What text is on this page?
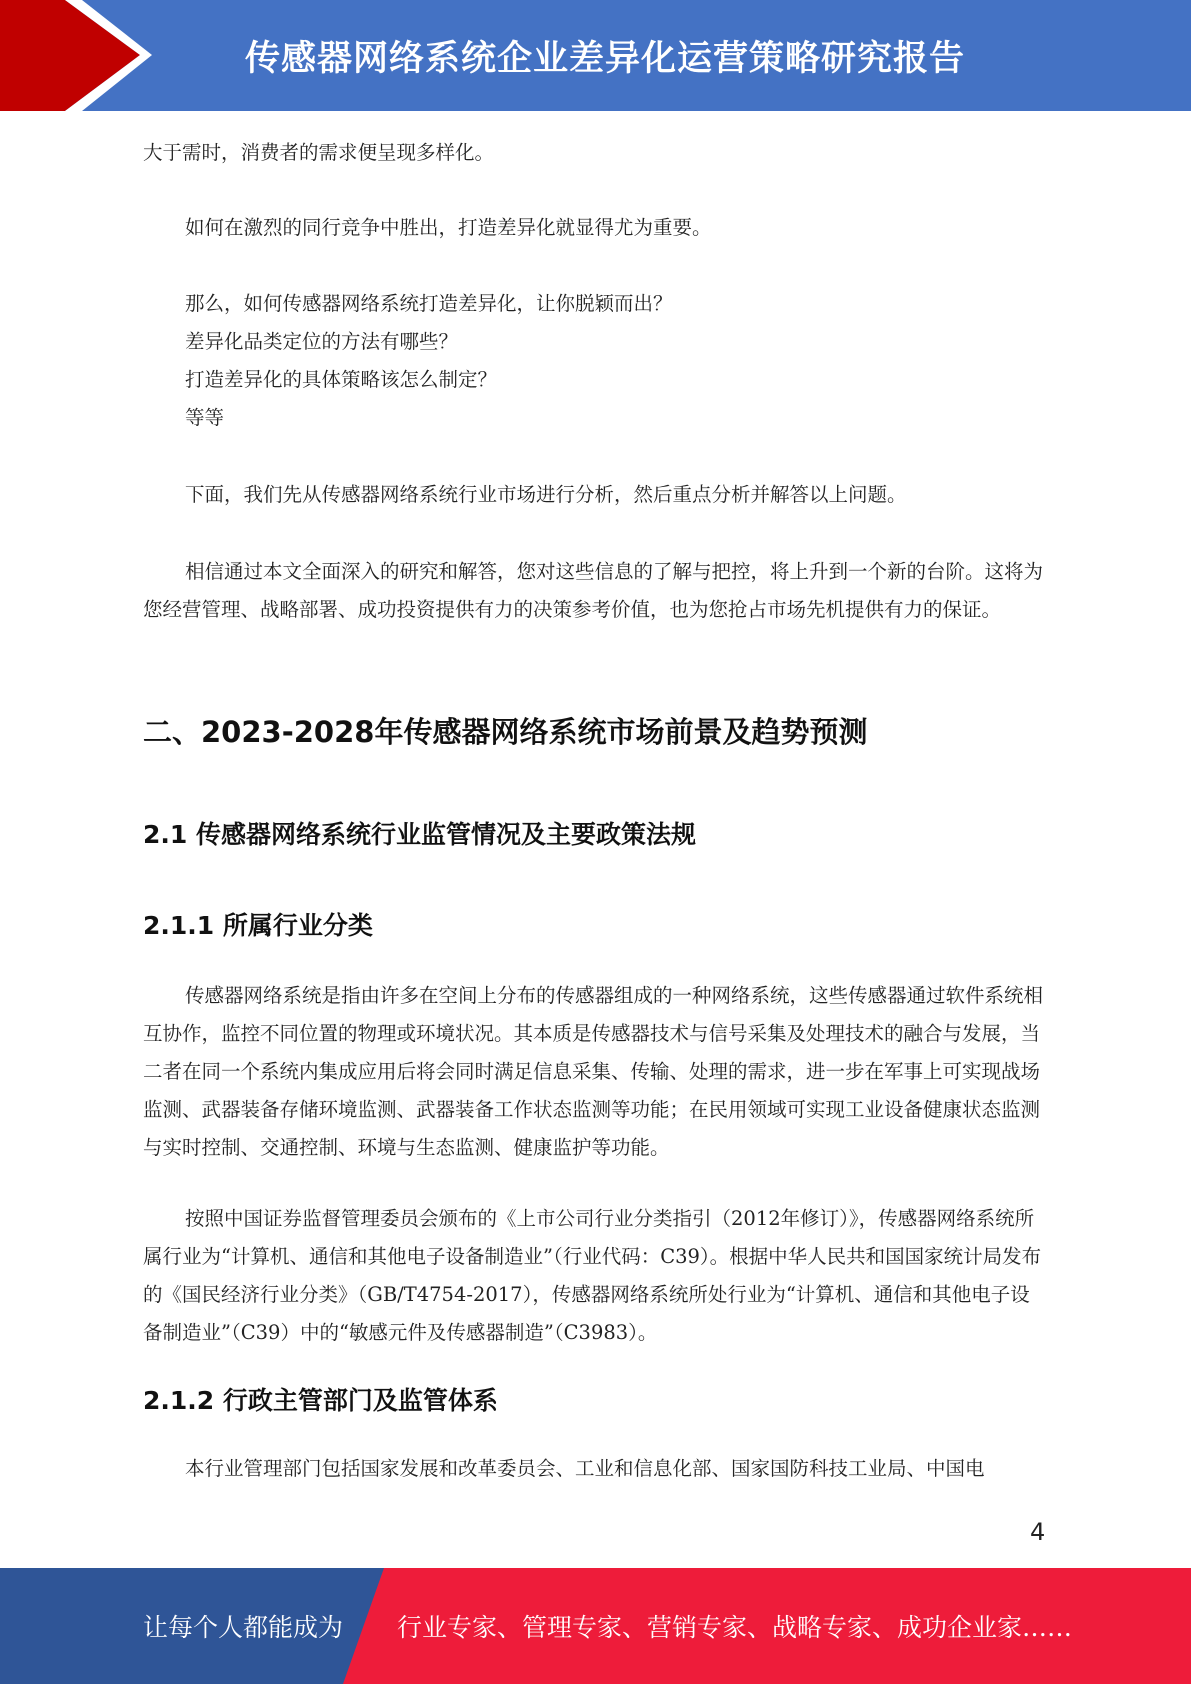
传感器网络系统企业差异化运营策略研究报告

大于需时，消费者的需求便呈现多样化。

如何在激烈的同行竞争中胜出，打造差异化就显得尤为重要。

那么，如何传感器网络系统打造差异化，让你脱颖而出？

差异化品类定位的方法有哪些？

打造差异化的具体策略该怎么制定？

等等

下面，我们先从传感器网络系统行业市场进行分析，然后重点分析并解答以上问题。

相信通过本文全面深入的研究和解答，您对这些信息的了解与把控，将上升到一个新的台阶。这将为您经营管理、战略部署、成功投资提供有力的决策参考价值，也为您抢占市场先机提供有力的保证。

二、2023-2028年传感器网络系统市场前景及趋势预测
2.1 传感器网络系统行业监管情况及主要政策法规
2.1.1 所属行业分类

传感器网络系统是指由许多在空间上分布的传感器组成的一种网络系统，这些传感器通过软件系统相互协作，监控不同位置的物理或环境状况。其本质是传感器技术与信号采集及处理技术的融合与发展，当二者在同一个系统内集成应用后将会同时满足信息采集、传输、处理的需求，进一步在军事上可实现战场监测、武器装备存储环境监测、武器装备工作状态监测等功能；在民用领域可实现工业设备健康状态监测与实时控制、交通控制、环境与生态监测、健康监护等功能。

按照中国证券监督管理委员会颁布的《上市公司行业分类指引（2012年修订）》，传感器网络系统所属行业为“计算机、通信和其他电子设备制造业”（行业代码：C39）。根据中华人民共和国国家统计局发布的《国民经济行业分类》（GB/T4754-2017），传感器网络系统所处行业为“计算机、通信和其他电子设备制造业”（C39）中的“敏感元件及传感器制造”（C3983）。

2.1.2 行政主管部门及监管体系

本行业管理部门包括国家发展和改革委员会、工业和信息化部、国家国防科技工业局、中国电

4
让每个人都能成为 行业专家、管理专家、营销专家、战略专家、成功企业家……
